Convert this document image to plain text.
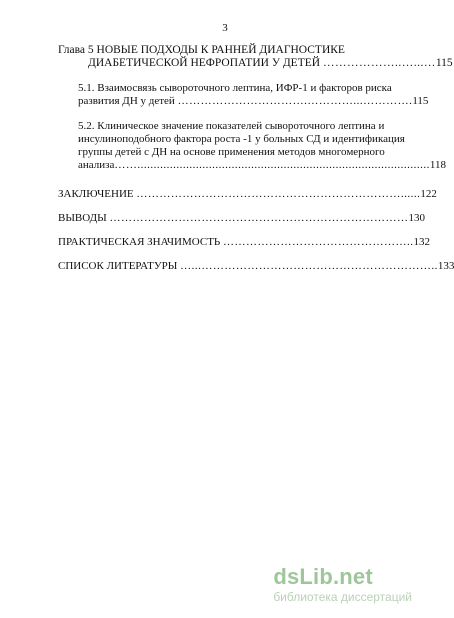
3
Глава 5 НОВЫЕ ПОДХОДЫ К РАННЕЙ ДИАГНОСТИКЕ
ДИАБЕТИЧЕСКОЙ НЕФРОПАТИИ У ДЕТЕЙ
………………..…...… 115
5.1. Взаимосвязь сывороточного лептина, ИФР-1 и факторов риска
развития ДН у детей
…………………………….…………...…………. 115
5.2. Клиническое значение показателей сывороточного лептина и
инсулиноподобного фактора роста -1 у больных СД и идентификация
группы детей с ДН на основе применения методов многомерного
анализа …….......................................................................................... 118
ЗАКЛЮЧЕНИЕ
……………………………………………………………...... 122
ВЫВОДЫ
…………………………………………………………………… 130
ПРАКТИЧЕСКАЯ ЗНАЧИМОСТЬ
………………………………………….. 132
СПИСОК ЛИТЕРАТУРЫ
…...…………………………………………………….. 133
dsLib.net
библиотека диссертаций
